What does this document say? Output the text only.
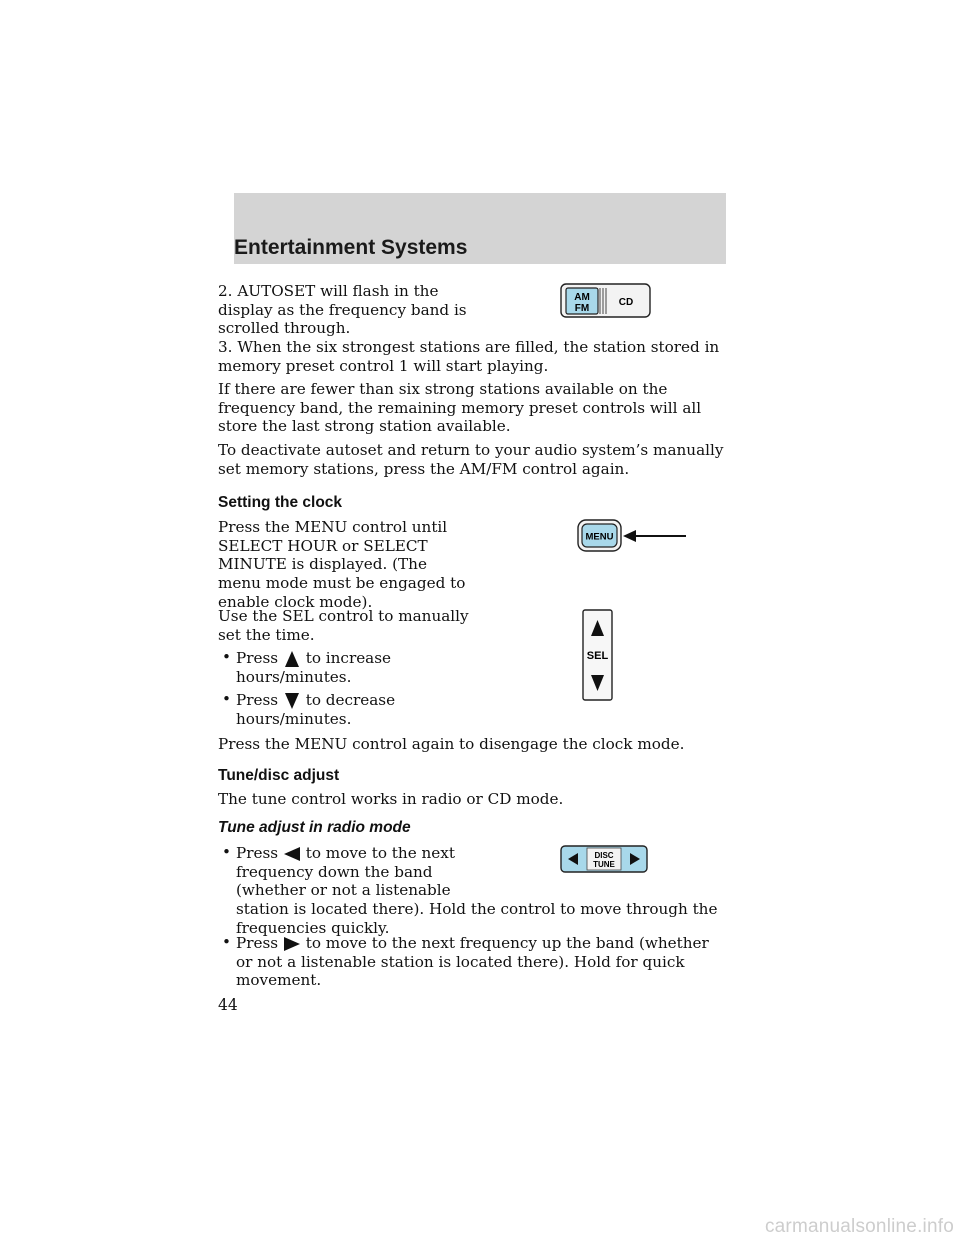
Entertainment Systems

2. AUTOSET will flash in the display as the frequency band is scrolled through.

AM
FM
CD

3. When the six strongest stations are filled, the station stored in memory preset control 1 will start playing.

If there are fewer than six strong stations available on the frequency band, the remaining memory preset controls will all store the last strong station available.

To deactivate autoset and return to your audio system’s manually set memory stations, press the AM/FM control again.

Setting the clock

Press the MENU control until SELECT HOUR or SELECT MINUTE is displayed. (The menu mode must be engaged to enable clock mode).

MENU

Use the SEL control to manually set the time.

SEL
• Press to increase hours/minutes.
• Press to decrease hours/minutes.

Press the MENU control again to disengage the clock mode.

Tune/disc adjust

The tune control works in radio or CD mode.

Tune adjust in radio mode
• Press to move to the next frequency down the band (whether or not a listenable
station is located there). Hold the control to move through the frequencies quickly.
DISC
TUNE
• Press to move to the next frequency up the band (whether or not a listenable station is located there). Hold for quick movement.
44
carmanualsonline.info
